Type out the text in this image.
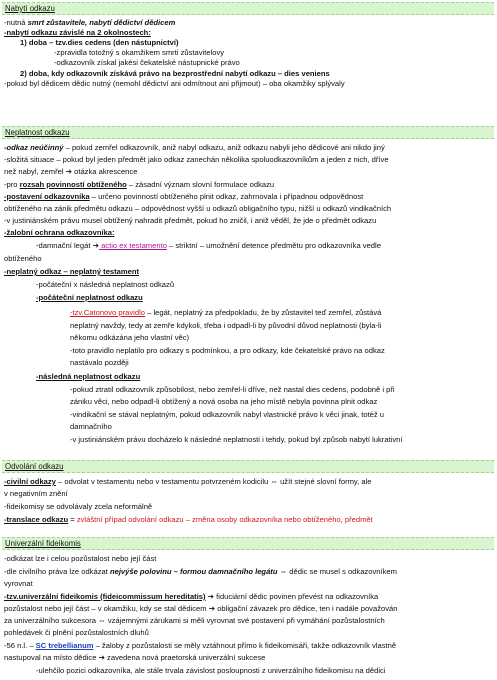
Nabytí odkazu
-nutná smrt zůstavitele, nabytí dědictví dědicem
-nabytí odkazu závislé na 2 okolnostech:
1) doba – tzv.dies cedens (den nástupnictví)
-zpravidla totožný s okamžikem smrti zůstavitelovy
-odkazovník získal jakési čekatelské nástupnické právo
2) doba, kdy odkazovník získává právo na bezprostřední nabytí odkazu – dies veniens
-pokud byl dědicem dědic nutný (nemohl dědictví ani odmítnout ani přijmout) – oba okamžiky splývaly
Neplatnost odkazu
-odkaz neúčinný – pokud zemřel odkazovník, aniž nabyl odkazu, aniž odkazu nabyli jeho dědicové ani nikdo jiný
-složitá situace – pokud byl jeden předmět jako odkaz zanechán několika spoluodkazovníkům a jeden z nich, dříve
než nabyl, zemřel ➔ otázka akrescence
-pro rozsah povinností obtíženého – zásadní význam slovní formulace odkazu
-postavení odkazovníka – určeno povinností obtíženého plnit odkaz, zahrnovala i případnou odpovědnost
obtíženého na zánik předmětu odkazu – odpovědnost vyšší u odkazů obligačního typu, nižší u odkazů vindikačních
-v justiniánském právu musel obtížený nahradit předmět, pokud ho zničil, i aniž věděl, že jde o předmět odkazu
-žalobní ochrana odkazovníka:
-damnační legát ➔ actio ex testamento – striktní – umožnění detence předmětu pro odkazovníka vedle
obtíženého
-neplatný odkaz – neplatný testament
-počáteční x následná neplatnost odkazů
-počáteční neplatnost odkazu
-tzv.Catonovo pravidlo – legát, neplatný za předpokladu, že by zůstavitel teď zemřel, zůstává
neplatný navždy, tedy at zemře kdykoli, třeba i odpadl-li by původní důvod neplatnosti (byla-li
někomu odkázána jeho vlastní věc)
-toto pravidlo neplatilo pro odkazy s podmínkou, a pro odkazy, kde čekatelské právo na odkaz
nastávalo později
-následná neplatnost odkazu
-pokud ztratil odkazovník způsobilost, nebo zemřel-li dříve, než nastal dies cedens, podobně i při
zániku věci, nebo odpadl-li obtížený a nová osoba na jeho místě nebyla povinna plnit odkaz
-vindikační se stával neplatným, pokud odkazovník nabyl vlastnické právo k věci jinak, totéž u
damnačního
-v justiniánském právu docházelo k následné neplatnosti i tehdy, pokud byl způsob nabytí lukrativní
Odvolání odkazu
-civilní odkazy – odvolat v testamentu nebo v testamentu potvrzeném kodicilu ⇔ užít stejné slovní formy, ale
v negativním znění
-fideikomisy se odvolávaly zcela neformálně
-translace odkazu = zvláštní případ odvolání odkazu – změna osoby odkazovníka nebo obtíženého, předmět
Univerzální fideikomis
-odkázat lze i celou pozůstalost nebo její část
-dle civilního práva lze odkázat nejvýše polovinu – formou damnačního legátu ⇔ dědic se musel s odkazovníkem
vyrovnat
-tzv.univerzální fideikomis (fideicommissum hereditatis) ➔ fiduciární dědic povinen převést na odkazovníka
pozůstalost nebo její část – v okamžiku, kdy se stal dědicem ➔ obligační závazek pro dědice, ten i nadále považován
za univerzálního sukcesora ⇔ vzájemnými zárukami si měli vyrovnat své postavení při vymáhání pozůstalostních
pohledávek či plnění pozůstalostních dluhů
-56 n.l. – SC trebellianum – žaloby z pozůstalosti se měly vztáhnout přímo k fideikomisáři, takže odkazovník vlastně
nastupoval na místo dědice ➔ zavedena nová praetorská univerzální sukcese
-ulehčilo pozici odkazovníka, ale stále trvala závislost posloupnosti z univerzálního fideikomisu na dědici
